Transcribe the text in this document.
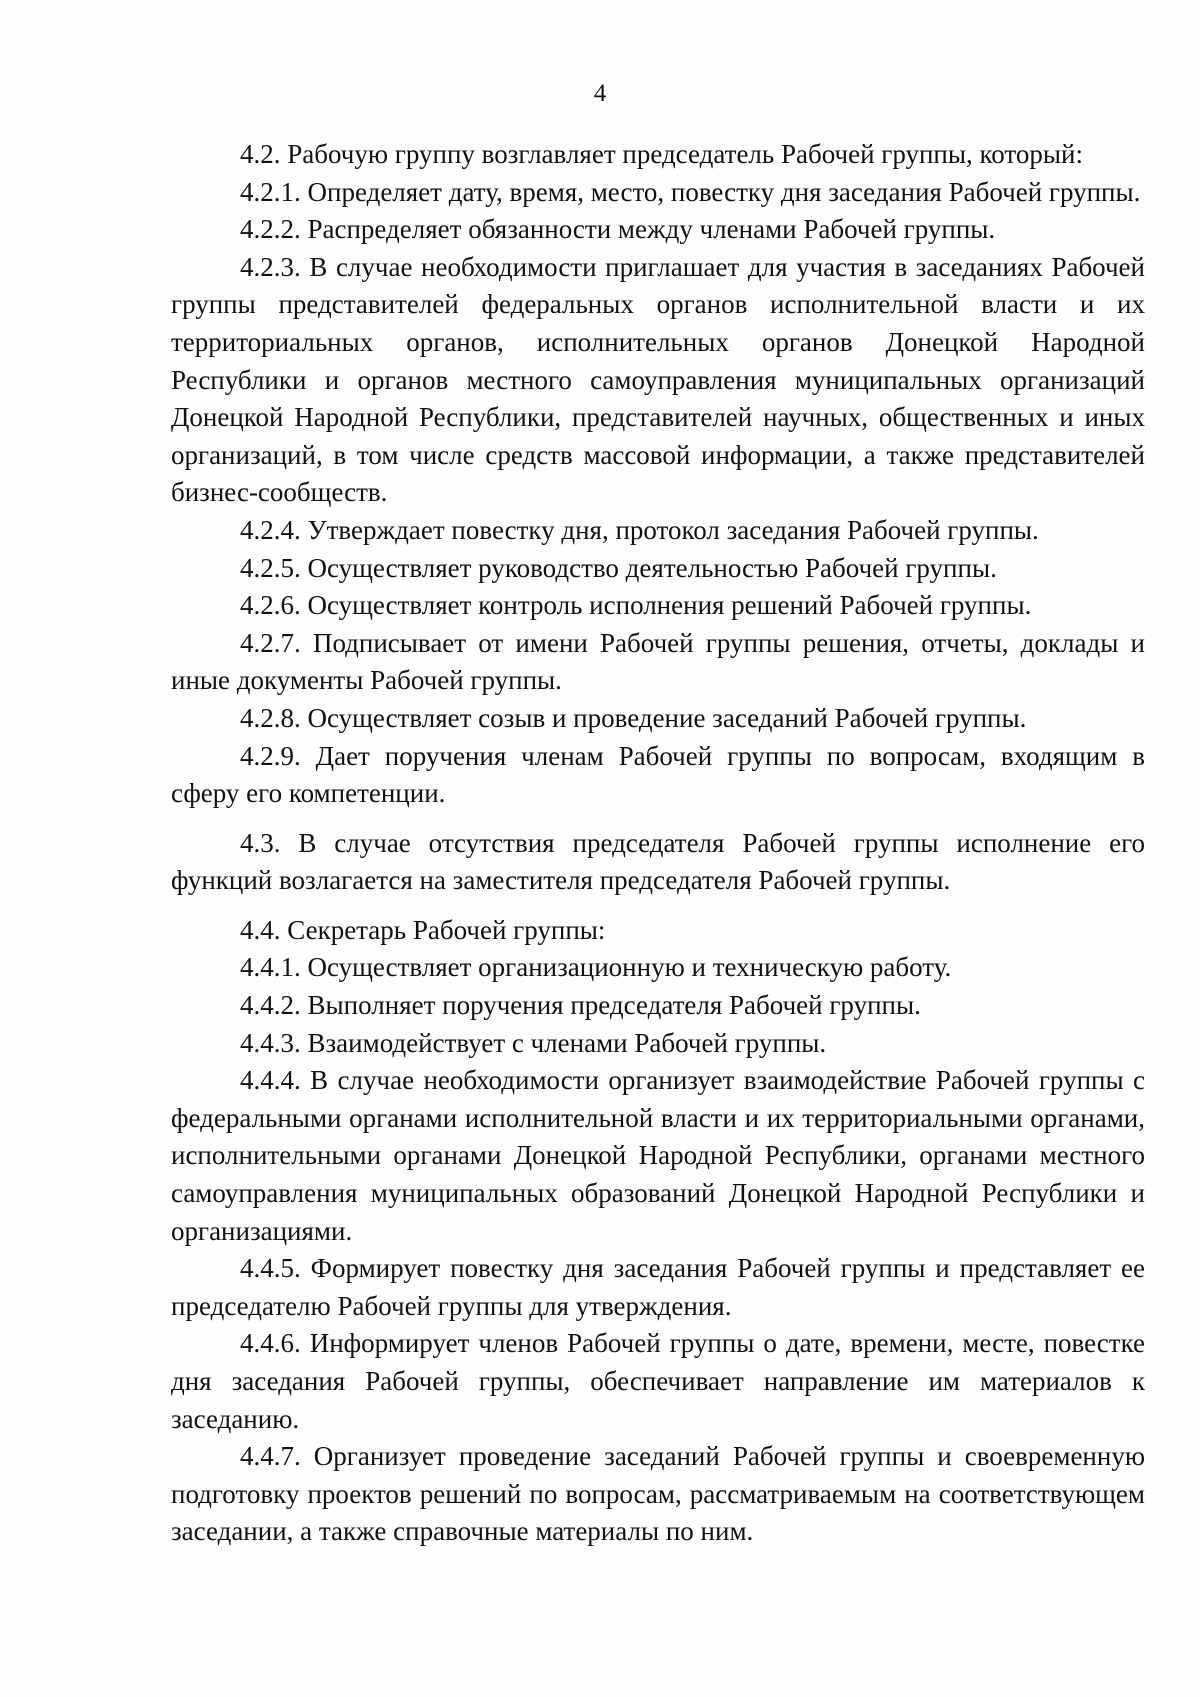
4

4.2. Рабочую группу возглавляет председатель Рабочей группы, который:

4.2.1. Определяет дату, время, место, повестку дня заседания Рабочей группы.

4.2.2. Распределяет обязанности между членами Рабочей группы.

4.2.3. В случае необходимости приглашает для участия в заседаниях Рабочей группы представителей федеральных органов исполнительной власти и их территориальных органов, исполнительных органов Донецкой Народной Республики и органов местного самоуправления муниципальных организаций Донецкой Народной Республики, представителей научных, общественных и иных организаций, в том числе средств массовой информации, а также представителей бизнес-сообществ.

4.2.4. Утверждает повестку дня, протокол заседания Рабочей группы.

4.2.5. Осуществляет руководство деятельностью Рабочей группы.

4.2.6. Осуществляет контроль исполнения решений Рабочей группы.

4.2.7. Подписывает от имени Рабочей группы решения, отчеты, доклады и иные документы Рабочей группы.

4.2.8. Осуществляет созыв и проведение заседаний Рабочей группы.

4.2.9. Дает поручения членам Рабочей группы по вопросам, входящим в сферу его компетенции.

4.3. В случае отсутствия председателя Рабочей группы исполнение его функций возлагается на заместителя председателя Рабочей группы.

4.4. Секретарь Рабочей группы:

4.4.1. Осуществляет организационную и техническую работу.

4.4.2. Выполняет поручения председателя Рабочей группы.

4.4.3. Взаимодействует с членами Рабочей группы.

4.4.4. В случае необходимости организует взаимодействие Рабочей группы с федеральными органами исполнительной власти и их территориальными органами, исполнительными органами Донецкой Народной Республики, органами местного самоуправления муниципальных образований Донецкой Народной Республики и организациями.

4.4.5. Формирует повестку дня заседания Рабочей группы и представляет ее председателю Рабочей группы для утверждения.

4.4.6. Информирует членов Рабочей группы о дате, времени, месте, повестке дня заседания Рабочей группы, обеспечивает направление им материалов к заседанию.

4.4.7. Организует проведение заседаний Рабочей группы и своевременную подготовку проектов решений по вопросам, рассматриваемым на соответствующем заседании, а также справочные материалы по ним.
